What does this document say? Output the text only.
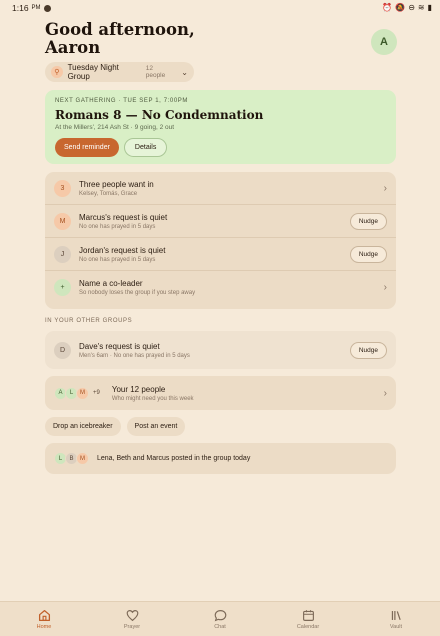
1:16 PM	⏰ 🔕 ⊖ ≋ ▮
Good afternoon, Aaron	A
⚲
Tuesday Night Group
12 people	⌄
NEXT GATHERING · TUE SEP 1, 7:00PM
Romans 8 — No Condemnation
At the Millers', 214 Ash St · 9 going, 2 out
Send reminder	Details
3	Three people want in
Kelsey, Tomás, Grace	›
M	Marcus's request is quiet
No one has prayed in 5 days
Nudge
J	Jordan's request is quiet
No one has prayed in 5 days
Nudge
+	Name a co-leader
So nobody loses the group if you step away	›
IN YOUR OTHER GROUPS
D	Dave's request is quiet
Men's 6am · No one has prayed in 5 days
Nudge
A	L	M	+9 Your 12 people
Who might need you this week	›
Drop an icebreaker	Post an event
L	B	M	Lena, Beth and Marcus posted in the group today
Home	Prayer	Chat	Calendar	Vault
